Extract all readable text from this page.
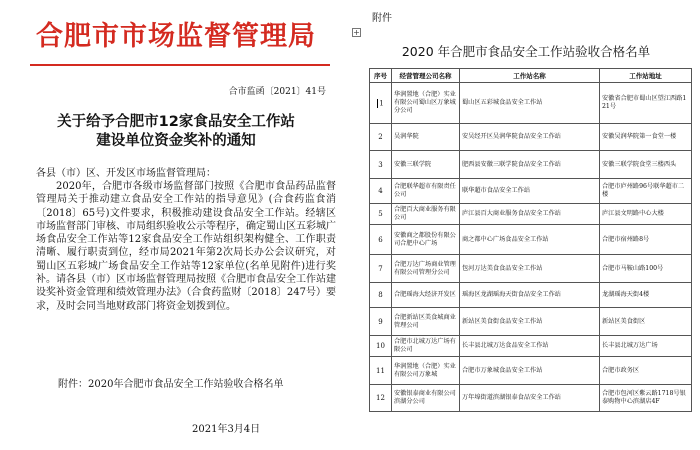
合肥市市场监督管理局
合市监函〔2021〕41号
关于给予合肥市12家食品安全工作站
建设单位资金奖补的通知
各县（市）区、开发区市场监督管理局：
2020年，合肥市各级市场监督部门按照《合肥市食品药品监督管理局关于推动建立食品安全工作站的指导意见》(合食药监食消〔2018〕65号)文件要求，积极推动建设食品安全工作站。经辖区市场监督部门审核、市局组织验收公示等程序，确定蜀山区五彩城广场食品安全工作站等12家食品安全工作站组织架构健全、工作职责清晰、履行职责到位，经市局2021年第2次局长办公会议研究，对蜀山区五彩城广场食品安全工作站等12家单位(名单见附件)进行奖补。请各县（市）区市场监督管理局按照《合肥市食品安全工作站建设奖补资金管理和绩效管理办法》（合食药监财〔2018〕247号）要求，及时会同当地财政部门将资金划拨到位。
附件：2020年合肥市食品安全工作站验收合格名单
2021年3月4日
附件
+
2020 年合肥市食品安全工作站验收合格名单
序号	经营管理公司名称	工作站名称	工作站地址
1	华润置地（合肥）实业有限公司蜀山区万象城分公司	蜀山区五彩城食品安全工作站	安徽省合肥市蜀山区望江西路121号
2	吴润华院	安吴经开区吴润华院食品安全工作站	安徽吴润华院第一食堂一楼
3	安徽三联学院	肥西县安徽三联学院食品安全工作站	安徽三联学院食堂三楼西头
4	合肥联华超市有限责任公司	联华超市食品安全工作站	合肥市庐州路96号联华超市二楼
5	合肥百大商业服务有限公司	庐江县百大商业服务食品安全工作站	庐江县文明路中心大楼
6	安徽商之都股份有限公司合肥中心广场	商之都中心广场食品安全工作站	合肥市宿州路8号
7	合肥万达广场商业管理有限公司管理分公司	包河万达美食食品安全工作站	合肥市马鞍山路100号
8	合肥瑶海大经济开发区	瑶海区龙湖瑶海天街食品安全工作站	龙湖瑶海天街4楼
9	合肥新站区美食城商业管理公司	新站区美食街食品安全工作站	新站区美食街区
10	合肥市北城万达广场有限公司	长丰县北城万达食品安全工作站	长丰县北城万达广场
11	华润置地（合肥）实业有限公司万象城	合肥市万象城食品安全工作站	合肥市政务区
12	安徽银泰商业有限公司滨湖分公司	万年埠街道滨湖银泰食品安全工作站	合肥市包河区紫云路1718号银泰购物中心滨湖店4F
